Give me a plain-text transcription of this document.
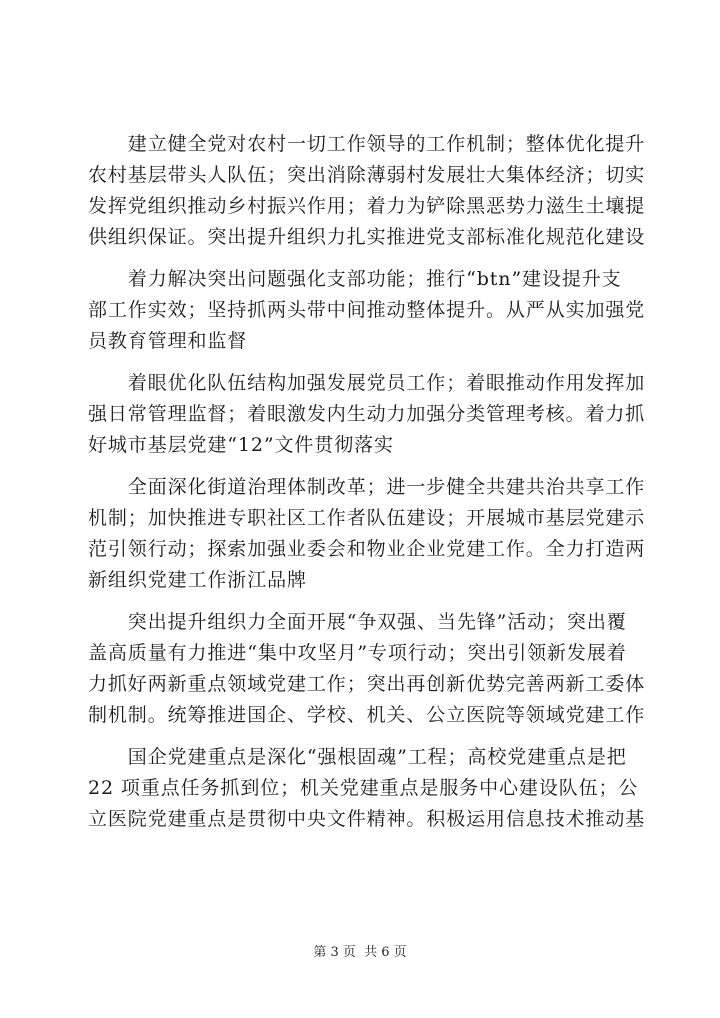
　　建立健全党对农村一切工作领导的工作机制；整体优化提升
农村基层带头人队伍；突出消除薄弱村发展壮大集体经济；切实
发挥党组织推动乡村振兴作用；着力为铲除黑恶势力滋生土壤提
供组织保证。突出提升组织力扎实推进党支部标准化规范化建设

　　着力解决突出问题强化支部功能；推行“btn”建设提升支
部工作实效；坚持抓两头带中间推动整体提升。从严从实加强党
员教育管理和监督

　　着眼优化队伍结构加强发展党员工作；着眼推动作用发挥加
强日常管理监督；着眼激发内生动力加强分类管理考核。着力抓
好城市基层党建“12”文件贯彻落实

　　全面深化街道治理体制改革；进一步健全共建共治共享工作
机制；加快推进专职社区工作者队伍建设；开展城市基层党建示
范引领行动；探索加强业委会和物业企业党建工作。全力打造两
新组织党建工作浙江品牌

　　突出提升组织力全面开展“争双强、当先锋”活动；突出覆
盖高质量有力推进“集中攻坚月”专项行动；突出引领新发展着
力抓好两新重点领域党建工作；突出再创新优势完善两新工委体
制机制。统筹推进国企、学校、机关、公立医院等领域党建工作

　　国企党建重点是深化“强根固魂”工程；高校党建重点是把
22 项重点任务抓到位；机关党建重点是服务中心建设队伍；公
立医院党建重点是贯彻中央文件精神。积极运用信息技术推动基

第 3 页  共 6 页
